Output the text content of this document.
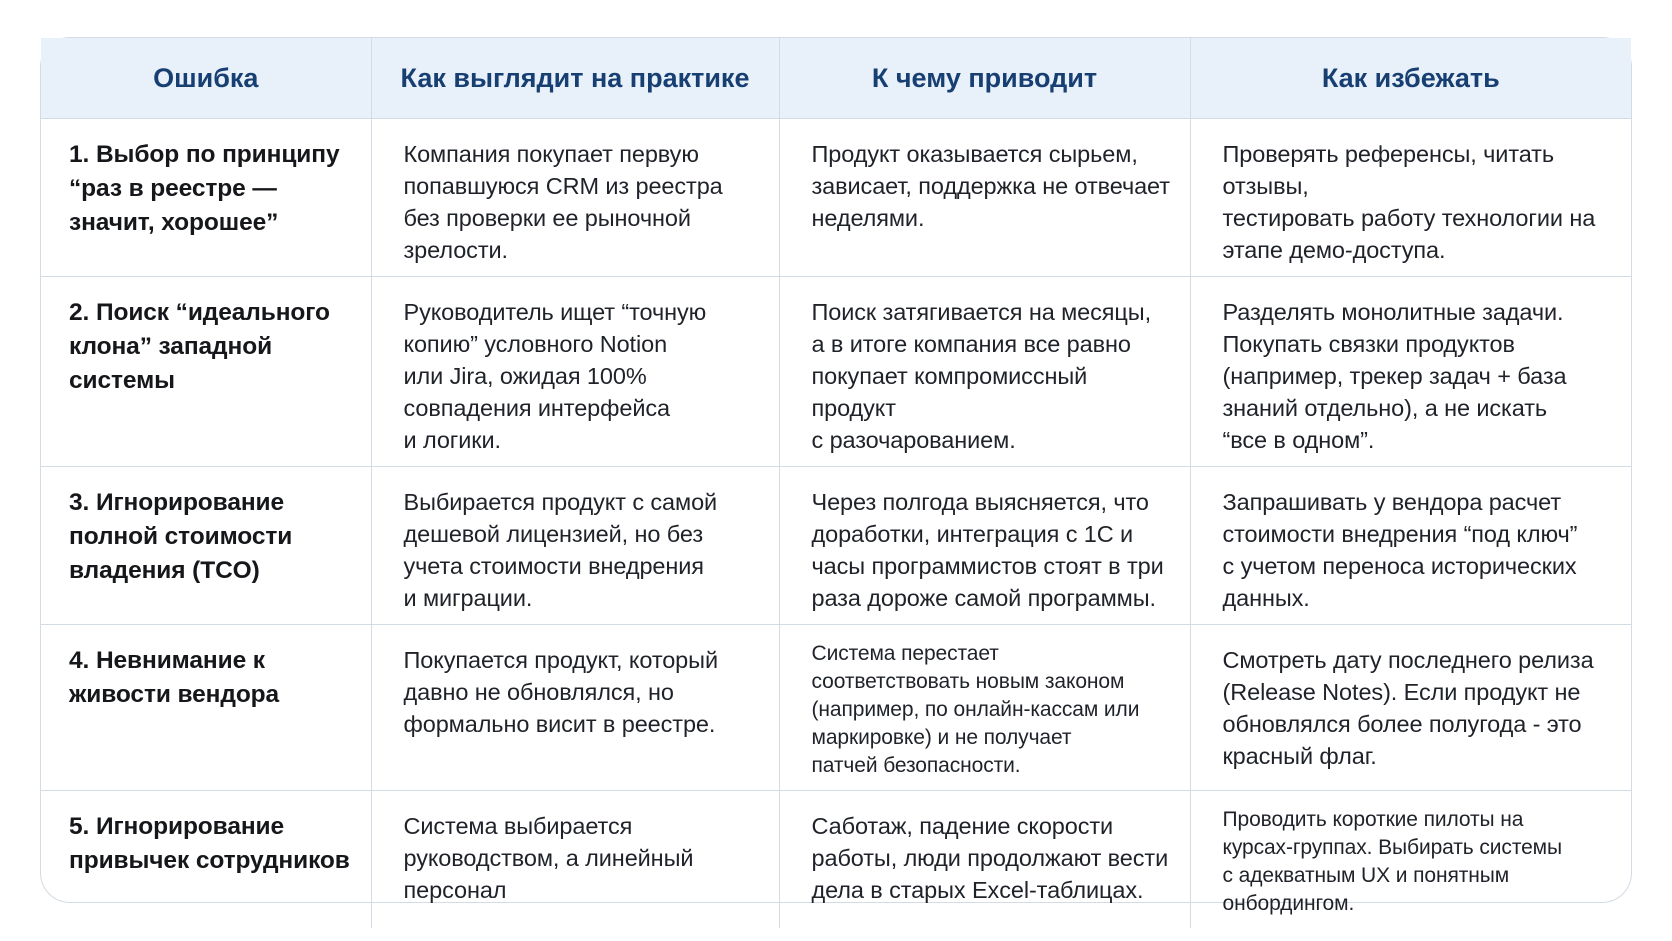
Ошибка	Как выглядит на практике	К чему приводит	Как избежать
1. Выбор по принципу
“раз в реестре —
значит, хорошее”	Компания покупает первую
попавшуюся CRM из реестра
без проверки ее рыночной
зрелости.	Продукт оказывается сырьем,
зависает, поддержка не отвечает
неделями.	Проверять референсы, читать отзывы,
тестировать работу технологии на
этапе демо-доступа.
2. Поиск “идеального
клона” западной
системы	Руководитель ищет “точную
копию” условного Notion
или Jira, ожидая 100%
совпадения интерфейса
и логики.	Поиск затягивается на месяцы,
а в итоге компания все равно
покупает компромиссный продукт
с разочарованием.	Разделять монолитные задачи.
Покупать связки продуктов
(например, трекер задач + база
знаний отдельно), а не искать
“все в одном”.
3. Игнорирование
полной стоимости
владения (TCO)	Выбирается продукт с самой
дешевой лицензией, но без
учета стоимости внедрения
и миграции.	Через полгода выясняется, что
доработки, интеграция с 1С и
часы программистов стоят в три
раза дороже самой программы.	Запрашивать у вендора расчет
стоимости внедрения “под ключ”
с учетом переноса исторических
данных.
4. Невнимание к
живости вендора	Покупается продукт, который
давно не обновлялся, но
формально висит в реестре.	Система перестает
соответствовать новым законом
(например, по онлайн-кассам или
маркировке) и не получает
патчей безопасности.	Смотреть дату последнего релиза
(Release Notes). Если продукт не
обновлялся более полугода - это
красный флаг.
5. Игнорирование
привычек сотрудников	Система выбирается
руководством, а линейный
персонал	Саботаж, падение скорости
работы, люди продолжают вести
дела в старых Excel-таблицах.	Проводить короткие пилоты на
курсах-группах. Выбирать системы
с адекватным UX и понятным
онбордингом.
